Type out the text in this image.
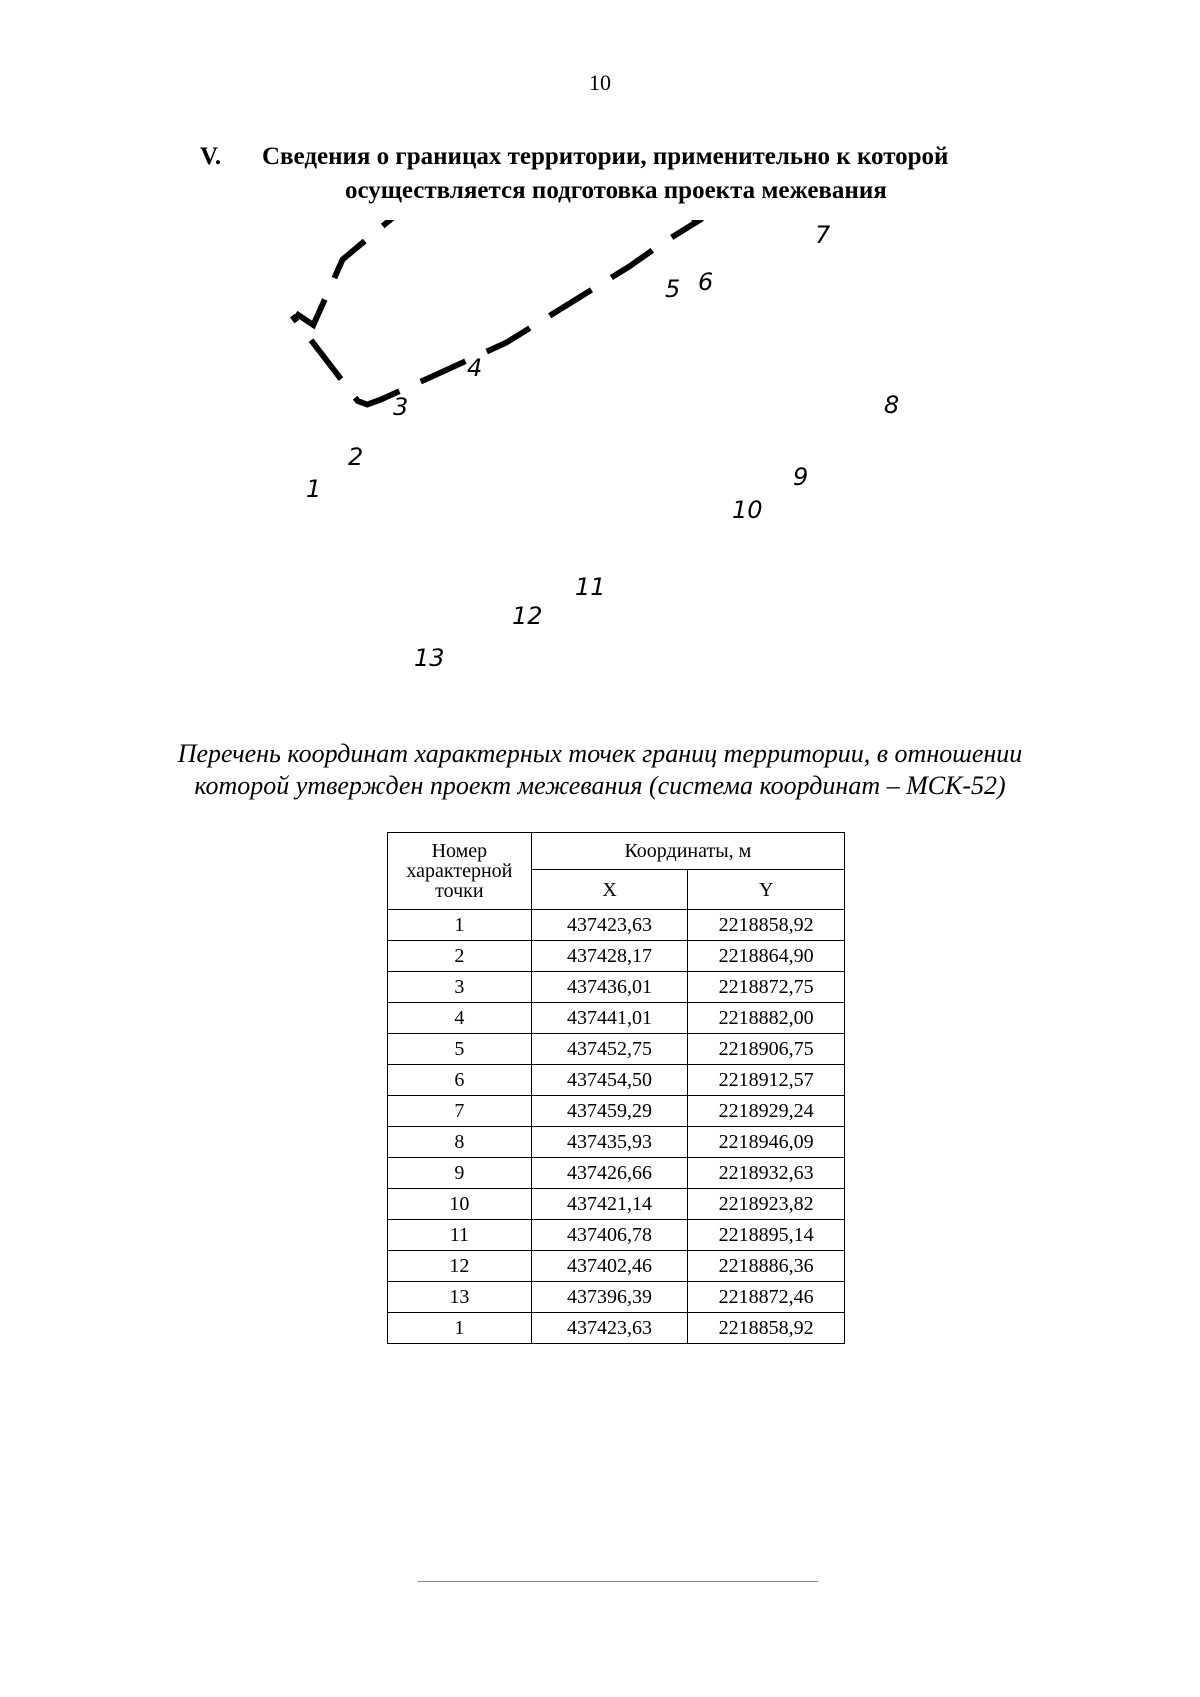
10
V. Сведения о границах территории, применительно к которой
осуществляется подготовка проекта межевания
1
2
3
4
5 6
7
8
9
10
11
12
13
Перечень координат характерных точек границ территории, в отношении
которой утвержден проект межевания (система координат – МСК-52)
Номер характерной точки	Координаты, м	
	X	Y
1	437423,63	2218858,92
2	437428,17	2218864,90
3	437436,01	2218872,75
4	437441,01	2218882,00
5	437452,75	2218906,75
6	437454,50	2218912,57
7	437459,29	2218929,24
8	437435,93	2218946,09
9	437426,66	2218932,63
10	437421,14	2218923,82
11	437406,78	2218895,14
12	437402,46	2218886,36
13	437396,39	2218872,46
1	437423,63	2218858,92
